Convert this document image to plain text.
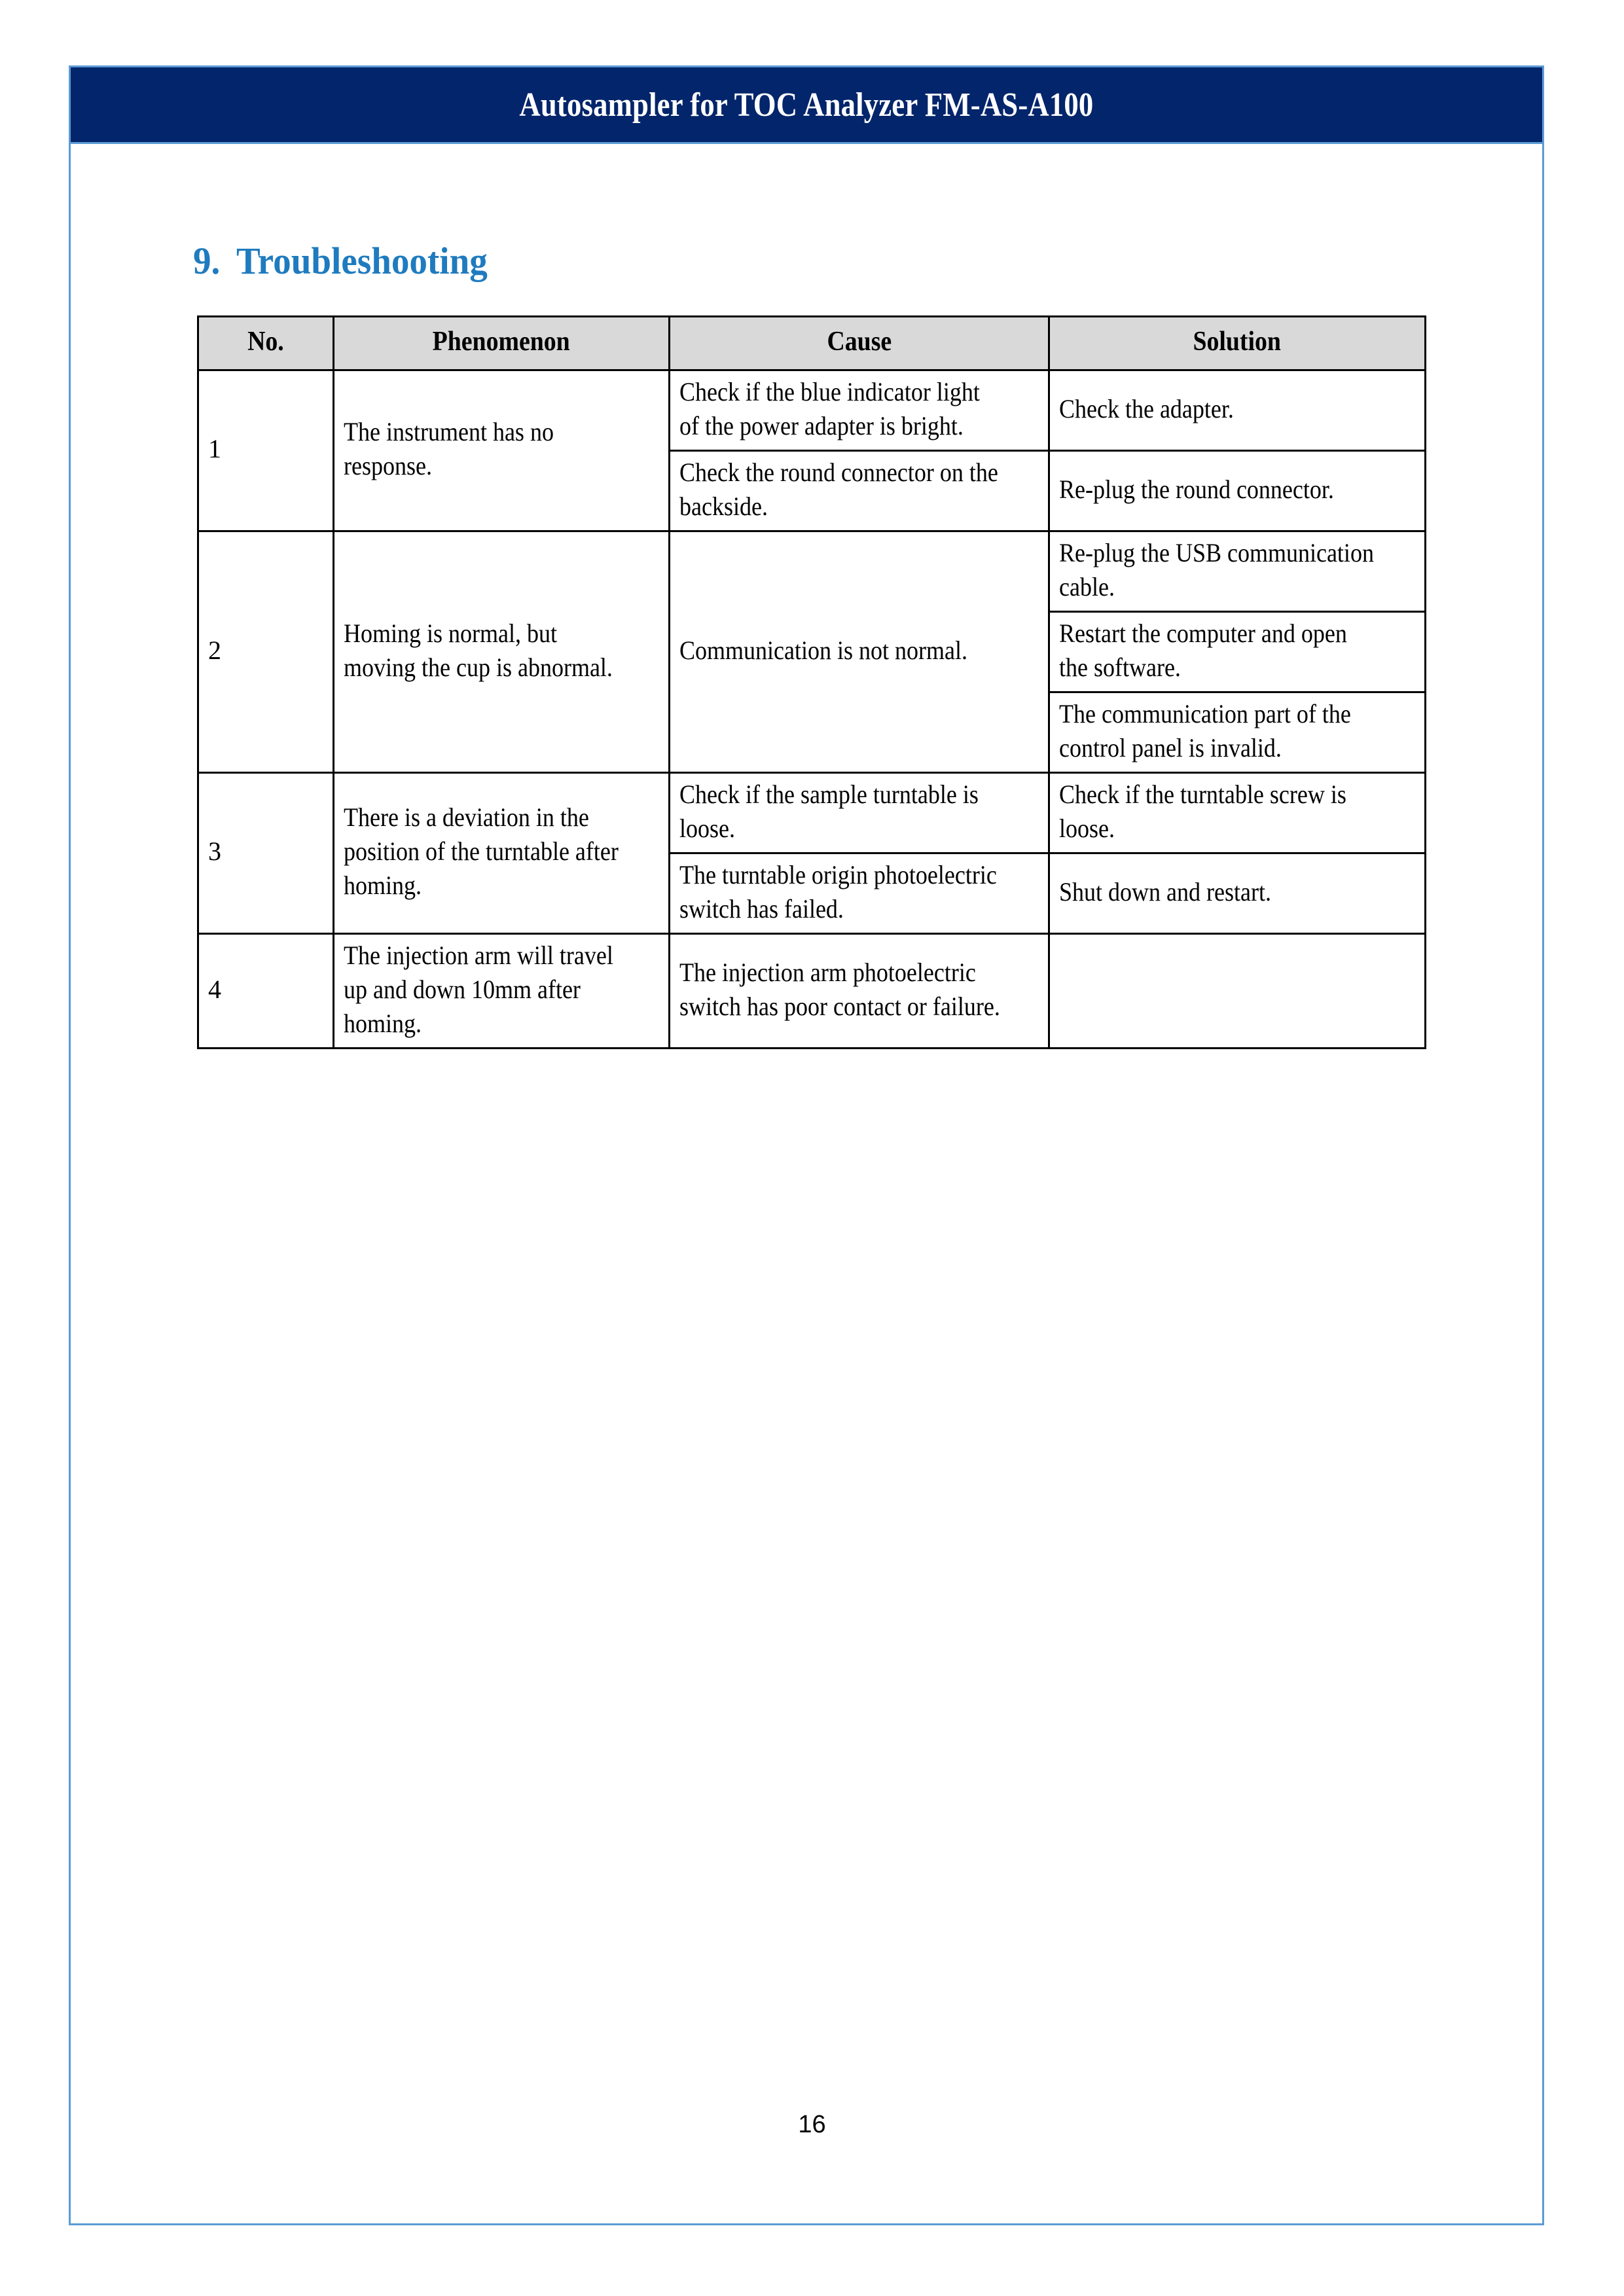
Autosampler for TOC Analyzer FM-AS-A100
9. Troubleshooting
No.	Phenomenon	Cause	Solution
1	The instrument has no response.	Check if the blue indicator light of the power adapter is bright.	Check the adapter.

		Check the round connector on the backside.	Re-plug the round connector.

2	Homing is normal, but moving the cup is abnormal.	Communication is not normal.	Re-plug the USB communication cable.

			Restart the computer and open the software.

			The communication part of the control panel is invalid.

3	There is a deviation in the position of the turntable after homing.	Check if the sample turntable is loose.	Check if the turntable screw is loose.

		The turntable origin photoelectric switch has failed.	Shut down and restart.

4	The injection arm will travel up and down 10mm after homing.	The injection arm photoelectric switch has poor contact or failure.	

16
